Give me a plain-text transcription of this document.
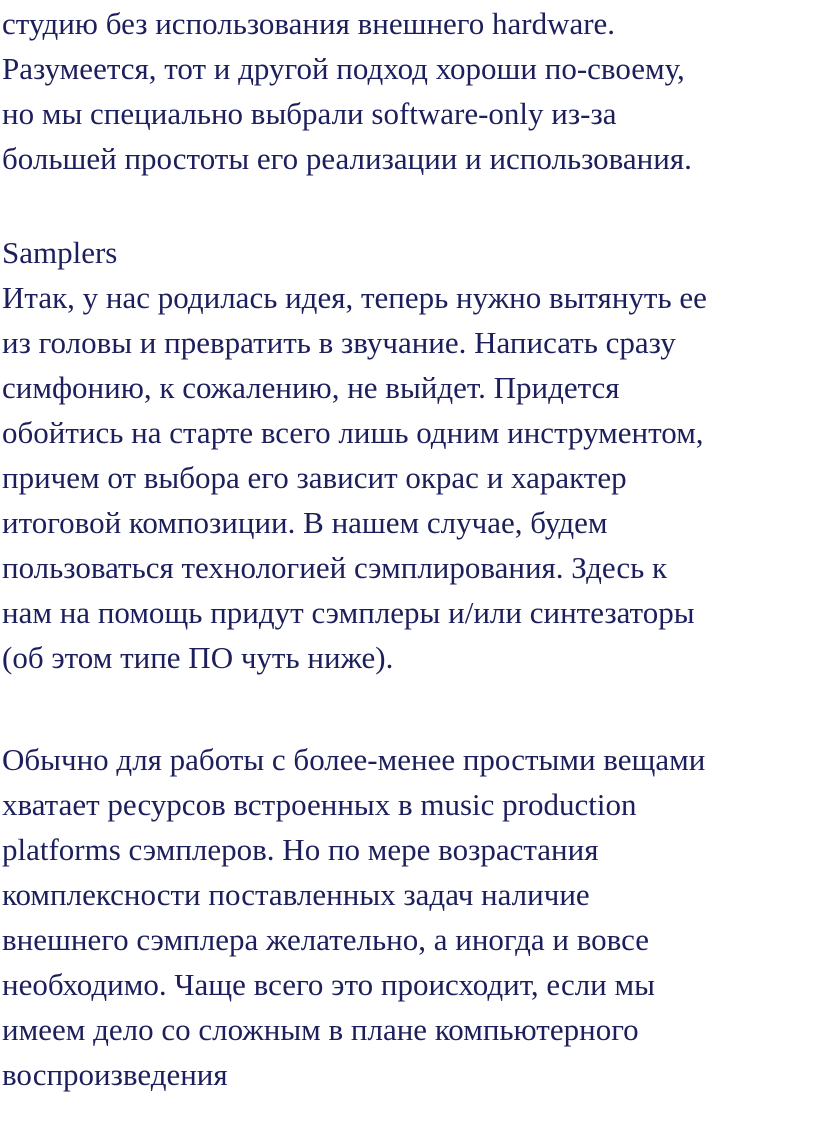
студию без использования внешнего hardware.
Разумеется, тот и другой подход хороши по-своему,
но мы специально выбрали software-only из-за
большей простоты его реализации и использования.
Samplers
Итак, у нас родилась идея, теперь нужно вытянуть ее
из головы и превратить в звучание. Написать сразу
симфонию, к сожалению, не выйдет. Придется
обойтись на старте всего лишь одним инструментом,
причем от выбора его зависит окрас и характер
итоговой композиции. В нашем случае, будем
пользоваться технологией сэмплирования. Здесь к
нам на помощь придут сэмплеры и/или синтезаторы
(об этом типе ПО чуть ниже).
Обычно для работы с более-менее простыми вещами
хватает ресурсов встроенных в music production
platforms сэмплеров. Но по мере возрастания
комплексности поставленных задач наличие
внешнего сэмплера желательно, а иногда и вовсе
необходимо. Чаще всего это происходит, если мы
имеем дело со сложным в плане компьютерного
воспроизведения
